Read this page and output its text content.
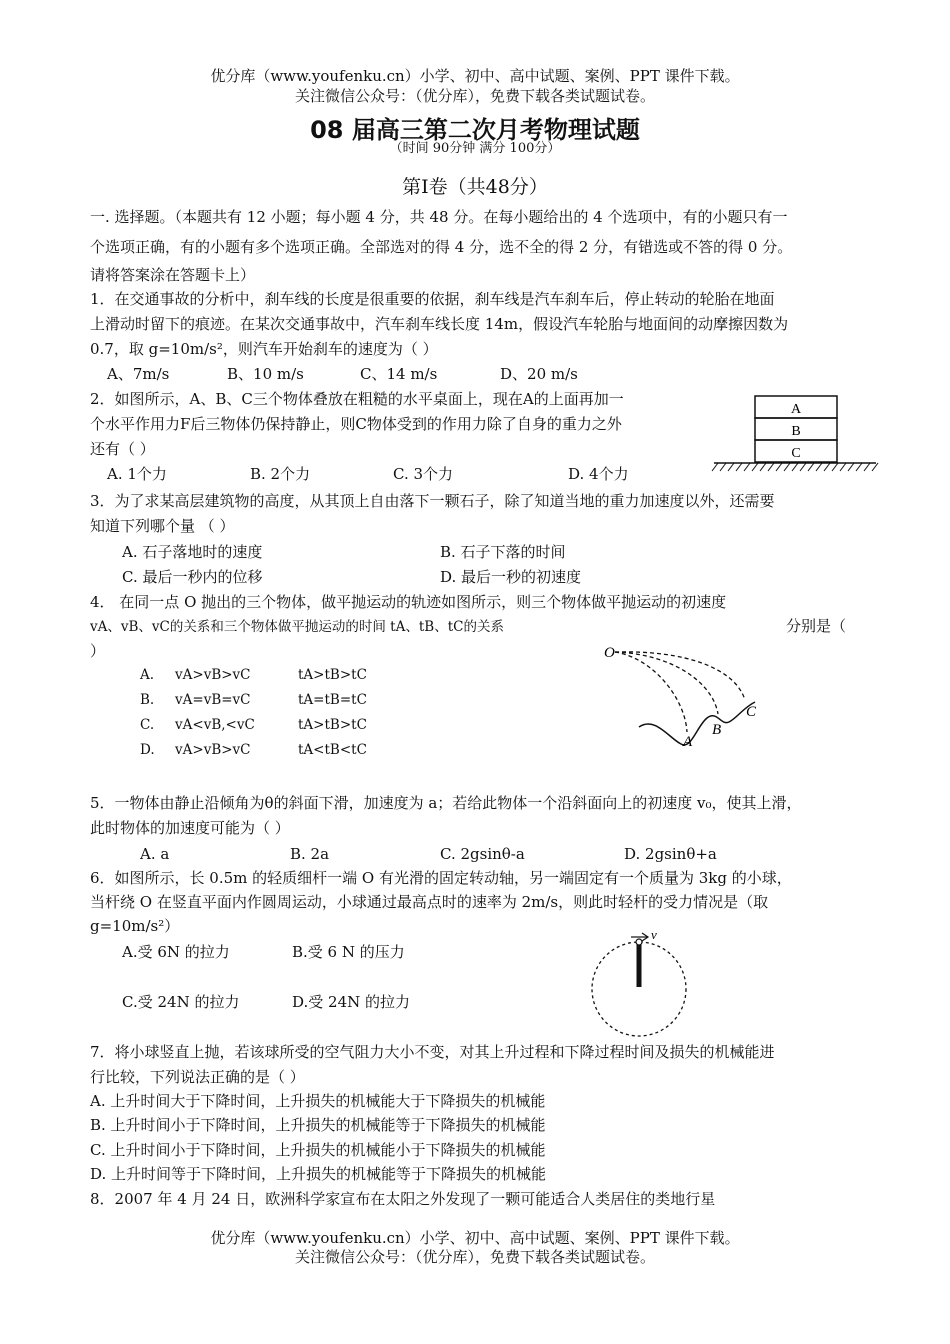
优分库（www.youfenku.cn）小学、初中、高中试题、案例、PPT 课件下载。
关注微信公众号：（优分库），免费下载各类试题试卷。
08 届高三第二次月考物理试题
（时间 90分钟 满分 100分）
第Ⅰ卷（共48分）
一. 选择题。（本题共有 12 小题；每小题 4 分，共 48 分。在每小题给出的 4 个选项中，有的小题只有一
个选项正确，有的小题有多个选项正确。全部选对的得 4 分，选不全的得 2 分，有错选或不答的得 0 分。
请将答案涂在答题卡上）
1．在交通事故的分析中，刹车线的长度是很重要的依据，刹车线是汽车刹车后，停止转动的轮胎在地面
上滑动时留下的痕迹。在某次交通事故中，汽车刹车线长度 14m，假设汽车轮胎与地面间的动摩擦因数为
0.7，取 g=10m/s²，则汽车开始刹车的速度为（ ）
A、7m/s	B、10 m/s	C、14 m/s	D、20 m/s
2．如图所示，A、B、C三个物体叠放在粗糙的水平桌面上，现在A的上面再加一
个水平作用力F后三物体仍保持静止，则C物体受到的作用力除了自身的重力之外
还有（ ）
A. 1个力	B. 2个力	C. 3个力	D. 4个力
A
B
C
3．为了求某高层建筑物的高度，从其顶上自由落下一颗石子，除了知道当地的重力加速度以外，还需要
知道下列哪个量 （ ）
A. 石子落地时的速度	B. 石子下落的时间
C. 最后一秒内的位移	D. 最后一秒的初速度
4． 在同一点 O 抛出的三个物体，做平抛运动的轨迹如图所示，则三个物体做平抛运动的初速度
vA、vB、vC的关系和三个物体做平抛运动的时间 tA、tB、tC的关系	分别是（
）
A. vA>vB>vC	tA>tB>tC
B. vA=vB=vC	tA=tB=tC
C. vA<vB,<vC	tA>tB>tC
D. vA>vB>vC	tA<tB<tC
O
A
B
C
5．一物体由静止沿倾角为θ的斜面下滑，加速度为 a；若给此物体一个沿斜面向上的初速度 v₀，使其上滑，
此时物体的加速度可能为（ ）
A. a	B. 2a	C. 2gsinθ-a	D. 2gsinθ+a
6．如图所示，长 0.5m 的轻质细杆一端 O 有光滑的固定转动轴，另一端固定有一个质量为 3kg 的小球，
当杆绕 O 在竖直平面内作圆周运动，小球通过最高点时的速率为 2m/s，则此时轻杆的受力情况是（取
g=10m/s²）
A.受 6N 的拉力	B.受 6 N 的压力
C.受 24N 的拉力	D.受 24N 的拉力
v
7．将小球竖直上抛，若该球所受的空气阻力大小不变，对其上升过程和下降过程时间及损失的机械能进
行比较，下列说法正确的是（ ）
A. 上升时间大于下降时间，上升损失的机械能大于下降损失的机械能
B. 上升时间小于下降时间，上升损失的机械能等于下降损失的机械能
C. 上升时间小于下降时间，上升损失的机械能小于下降损失的机械能
D. 上升时间等于下降时间，上升损失的机械能等于下降损失的机械能
8．2007 年 4 月 24 日，欧洲科学家宣布在太阳之外发现了一颗可能适合人类居住的类地行星
优分库（www.youfenku.cn）小学、初中、高中试题、案例、PPT 课件下载。
关注微信公众号：（优分库），免费下载各类试题试卷。
